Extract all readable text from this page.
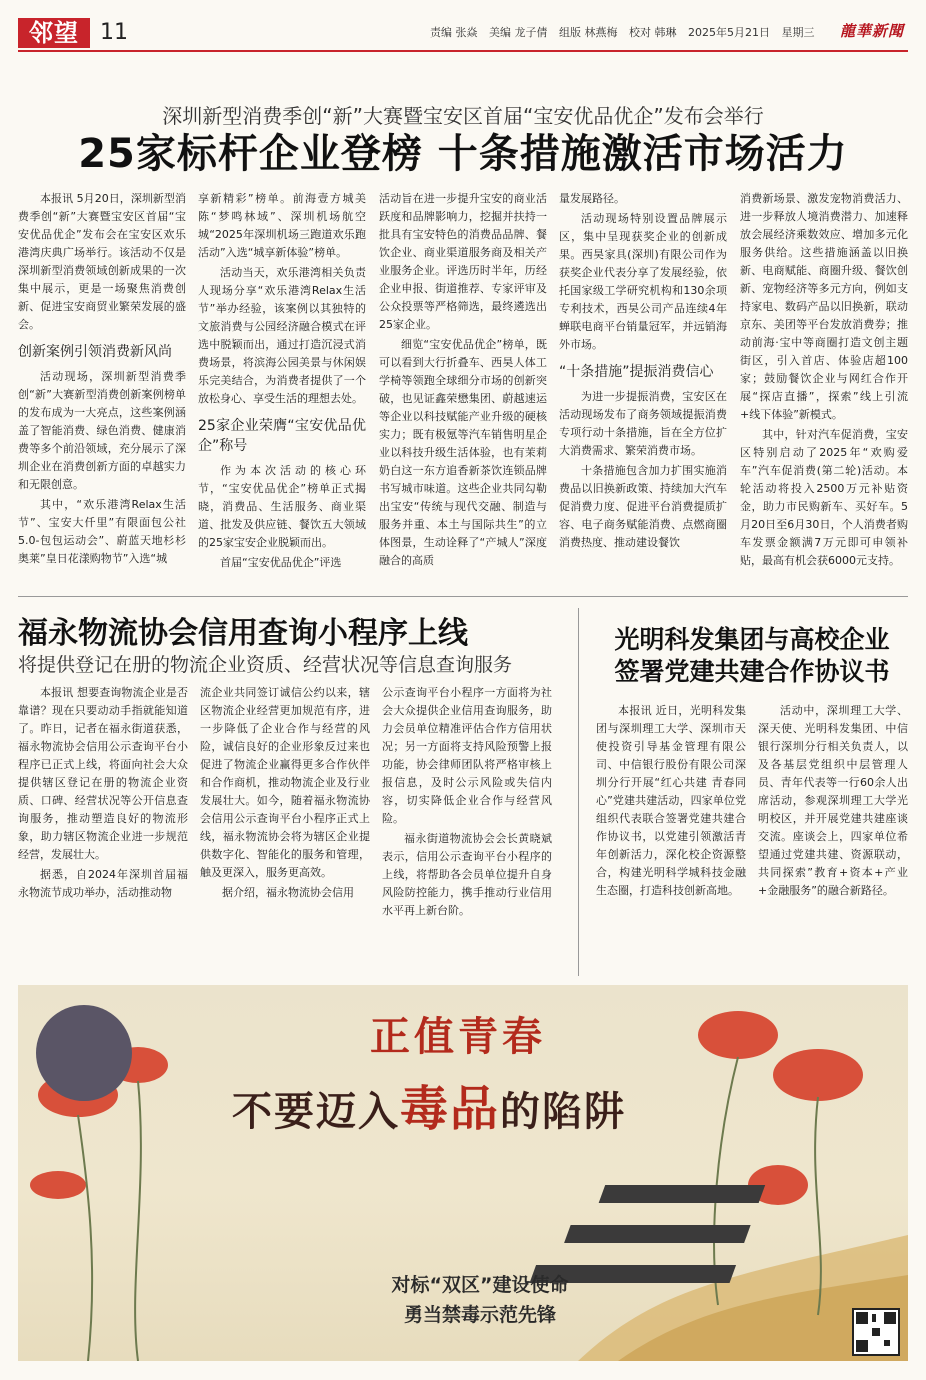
邻望 11	责编 张焱 美编 龙子倩 组版 林燕梅 校对 韩琳 2025年5月21日 星期三	龍華新聞
深圳新型消费季创“新”大赛暨宝安区首届“宝安优品优企”发布会举行
25家标杆企业登榜 十条措施激活市场活力

本报讯 5月20日，深圳新型消费季创“新”大赛暨宝安区首届“宝安优品优企”发布会在宝安区欢乐港湾庆典广场举行。该活动不仅是深圳新型消费领域创新成果的一次集中展示，更是一场聚焦消费创新、促进宝安商贸业繁荣发展的盛会。

创新案例引领消费新风尚

活动现场，深圳新型消费季创“新”大赛新型消费创新案例榜单的发布成为一大亮点，这些案例涵盖了智能消费、绿色消费、健康消费等多个前沿领域，充分展示了深圳企业在消费创新方面的卓越实力和无限创意。

其中，“欢乐港湾Relax生活节”、宝安大仟里”有限面包公社5.0-包包运动会”、蔚蓝天地杉杉奥莱”皇日花漾购物节”入选“城

享新精彩”榜单。前海壹方城美陈“梦鸣林域”、深圳机场航空城“2025年深圳机场三跑道欢乐跑活动”入选“城享新体验”榜单。

活动当天，欢乐港湾相关负责人现场分享“欢乐港湾Relax生活节”举办经验，该案例以其独特的文旅消费与公园经济融合模式在评选中脱颖而出，通过打造沉浸式消费场景，将滨海公园美景与休闲娱乐完美结合，为消费者提供了一个放松身心、享受生活的理想去处。

25家企业荣膺“宝安优品优企”称号

作为本次活动的核心环节，“宝安优品优企”榜单正式揭晓，消费品、生活服务、商业渠道、批发及供应链、餐饮五大领域的25家宝安企业脱颖而出。

首届“宝安优品优企”评选

活动旨在进一步提升宝安的商业活跃度和品牌影响力，挖掘并扶持一批具有宝安特色的消费品品牌、餐饮企业、商业渠道服务商及相关产业服务企业。评选历时半年，历经企业申报、街道推荐、专家评审及公众投票等严格筛选，最终遴选出25家企业。

细览“宝安优品优企”榜单，既可以看到大行折叠车、西昊人体工学椅等领跑全球细分市场的创新突破，也见证鑫荣懋集团、蔚越速运等企业以科技赋能产业升级的硬核实力；既有极氪等汽车销售明星企业以科技升级生活体验，也有茉莉奶白这一东方追香新茶饮连锁品牌书写城市味道。这些企业共同勾勒出宝安“传统与现代交融、制造与服务并重、本土与国际共生”的立体图景，生动诠释了“产城人”深度融合的高质

量发展路径。

活动现场特别设置品牌展示区，集中呈现获奖企业的创新成果。西昊家具(深圳)有限公司作为获奖企业代表分享了发展经验，依托国家级工学研究机构和130余项专利技术，西昊公司产品连续4年蝉联电商平台销量冠军，并远销海外市场。

“十条措施”提振消费信心

为进一步提振消费，宝安区在活动现场发布了商务领域提振消费专项行动十条措施，旨在全方位扩大消费需求、繁荣消费市场。

十条措施包含加力扩围实施消费品以旧换新政策、持续加大汽车促消费力度、促进平台消费提质扩容、电子商务赋能消费、点燃商圈消费热度、推动建设餐饮

消费新场景、激发宠物消费活力、进一步释放人境消费潜力、加速释放会展经济乘数效应、增加多元化服务供给。这些措施涵盖以旧换新、电商赋能、商圈升级、餐饮创新、宠物经济等多元方向，例如支持家电、数码产品以旧换新，联动京东、美团等平台发放消费券；推动前海·宝中等商圈打造文创主题街区，引入首店、体验店超100家；鼓励餐饮企业与网红合作开展“探店直播”，探索”线上引流+线下体验”新模式。

其中，针对汽车促消费，宝安区特别启动了2025年“欢购爱车”汽车促消费(第二轮)活动。本轮活动将投入2500万元补贴资金，助力市民购新车、买好车。5月20日至6月30日，个人消费者购车发票金额满7万元即可申领补贴，最高有机会获6000元支持。

福永物流协会信用查询小程序上线
将提供登记在册的物流企业资质、经营状况等信息查询服务

本报讯 想要查询物流企业是否靠谱？现在只要动动手指就能知道了。昨日，记者在福永街道获悉，福永物流协会信用公示查询平台小程序已正式上线，将面向社会大众提供辖区登记在册的物流企业资质、口碑、经营状况等公开信息查询服务，推动塑造良好的物流形象，助力辖区物流企业进一步规范经营，发展壮大。

据悉，自2024年深圳首届福永物流节成功举办，活动推动物

流企业共同签订诚信公约以来，辖区物流企业经营更加规范有序，进一步降低了企业合作与经营的风险，诚信良好的企业形象反过来也促进了物流企业赢得更多合作伙伴和合作商机，推动物流企业及行业发展壮大。如今，随着福永物流协会信用公示查询平台小程序正式上线，福永物流协会将为辖区企业提供数字化、智能化的服务和管理，触及更深入，服务更高效。

据介绍，福永物流协会信用

公示查询平台小程序一方面将为社会大众提供企业信用查询服务，助力会员单位精准评估合作方信用状况；另一方面将支持风险预警上报功能，协会律师团队将严格审核上报信息，及时公示风险或失信内容，切实降低企业合作与经营风险。

福永街道物流协会会长黄晓斌表示，信用公示查询平台小程序的上线，将帮助各会员单位提升自身风险防控能力，携手推动行业信用水平再上新台阶。

光明科发集团与高校企业
签署党建共建合作协议书

本报讯 近日，光明科发集团与深圳理工大学、深圳市天使投资引导基金管理有限公司、中信银行股份有限公司深圳分行开展“红心共建 青春同心”党建共建活动，四家单位党组织代表联合签署党建共建合作协议书，以党建引领激活青年创新活力，深化校企资源整合，构建光明科学城科技金融生态圈，打造科技创新高地。

活动中，深圳理工大学、深天使、光明科发集团、中信银行深圳分行相关负责人，以及各基层党组织中层管理人员、青年代表等一行60余人出席活动，参观深圳理工大学光明校区，并开展党建共建座谈交流。座谈会上，四家单位希望通过党建共建、资源联动，共同探索”教育+资本+产业+金融服务”的融合新路径。

正值青春
不要迈入毒品的陷阱
对标“双区”建设使命
勇当禁毒示范先锋
